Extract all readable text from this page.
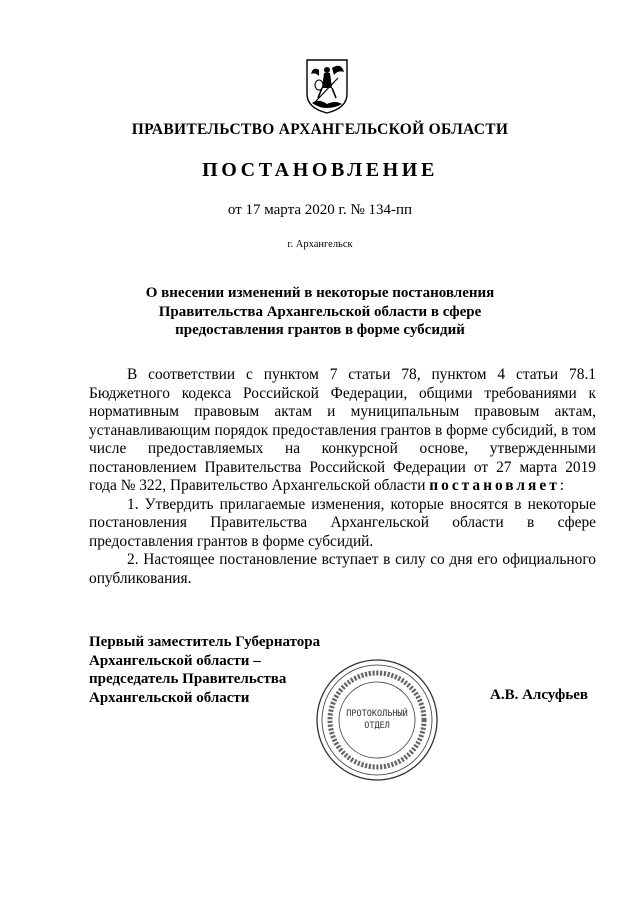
ПРАВИТЕЛЬСТВО АРХАНГЕЛЬСКОЙ ОБЛАСТИ
ПОСТАНОВЛЕНИЕ
от 17 марта 2020 г. № 134-пп
г. Архангельск
О внесении изменений в некоторые постановления
Правительства Архангельской области в сфере
предоставления грантов в форме субсидий

В соответствии с пунктом 7 статьи 78, пунктом 4 статьи 78.1 Бюджетного кодекса Российской Федерации, общими требованиями к нормативным правовым актам и муниципальным правовым актам, устанавливающим порядок предоставления грантов в форме субсидий, в том числе предоставляемых на конкурсной основе, утвержденными постановлением Правительства Российской Федерации от 27 марта 2019 года № 322, Правительство Архангельской области постановляет:

1. Утвердить прилагаемые изменения, которые вносятся в некоторые постановления Правительства Архангельской области в сфере предоставления грантов в форме субсидий.

2. Настоящее постановление вступает в силу со дня его официального опубликования.

Первый заместитель Губернатора
Архангельской области –
председатель Правительства
Архангельской области
ПРОТОКОЛЬНЫЙ
ОТДЕЛ
А.В. Алсуфьев
